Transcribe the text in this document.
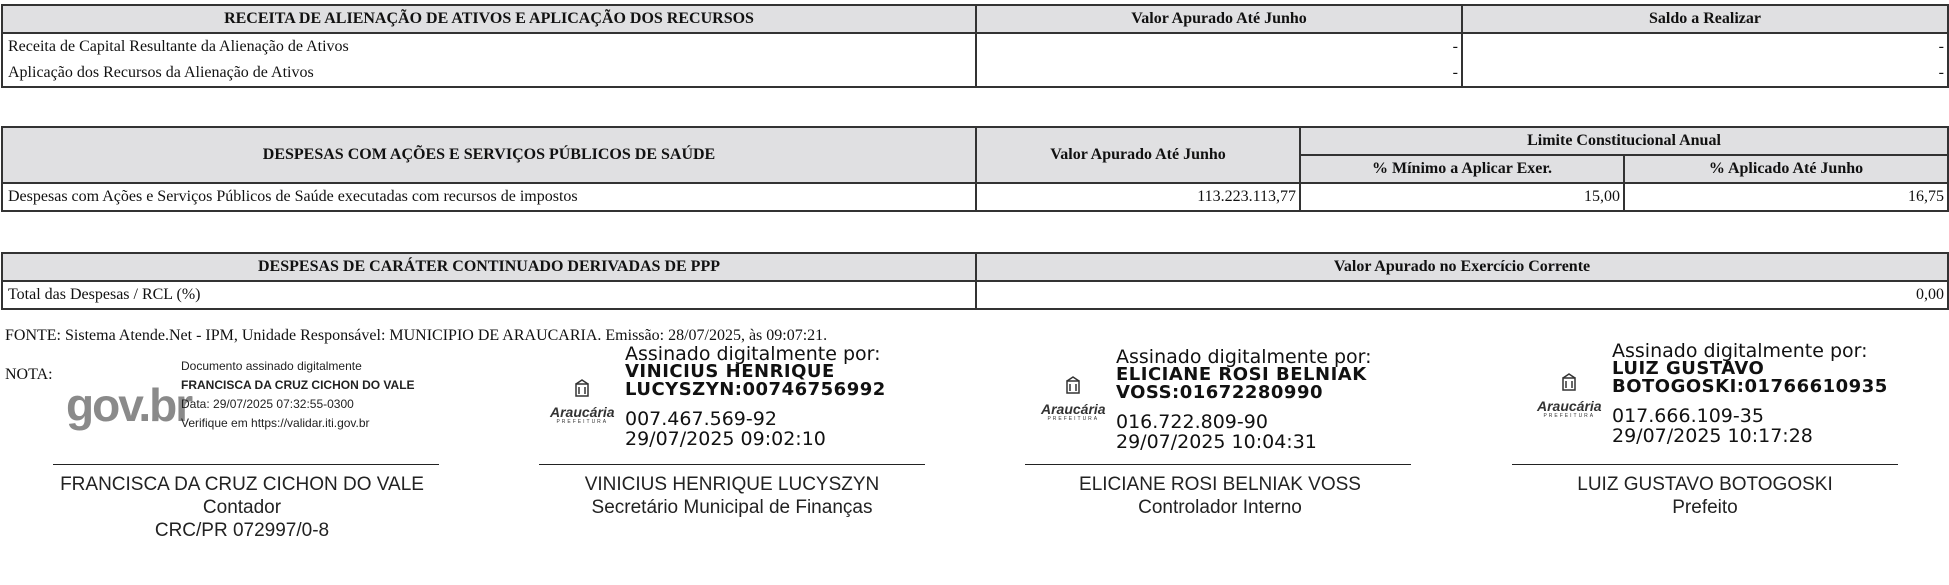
RECEITA DE ALIENAÇÃO DE ATIVOS E APLICAÇÃO DOS RECURSOS	Valor Apurado Até Junho	Saldo a Realizar
Receita de Capital Resultante da Alienação de Ativos	-	-
Aplicação dos Recursos da Alienação de Ativos	-	-
DESPESAS COM AÇÕES E SERVIÇOS PÚBLICOS DE SAÚDE	Valor Apurado Até Junho	Limite Constitucional Anual	
		% Mínimo a Aplicar Exer.	% Aplicado Até Junho
Despesas com Ações e Serviços Públicos de Saúde executadas com recursos de impostos	113.223.113,77	15,00	16,75
DESPESAS DE CARÁTER CONTINUADO DERIVADAS DE PPP	Valor Apurado no Exercício Corrente
Total das Despesas / RCL (%)	0,00
FONTE: Sistema Atende.Net - IPM, Unidade Responsável: MUNICIPIO DE ARAUCARIA. Emissão: 28/07/2025, às 09:07:21.
NOTA:
gov.br
Documento assinado digitalmente
FRANCISCA DA CRUZ CICHON DO VALE
Data: 29/07/2025 07:32:55-0300
Verifique em https://validar.iti.gov.br
Araucária
PREFEITURA
Araucária
PREFEITURA
Araucária
PREFEITURA
Assinado digitalmente por:
VINICIUS HENRIQUE
LUCYSZYN:00746756992
007.467.569-92
29/07/2025 09:02:10
Assinado digitalmente por:
ELICIANE ROSI BELNIAK
VOSS:01672280990
016.722.809-90
29/07/2025 10:04:31
Assinado digitalmente por:
LUIZ GUSTAVO
BOTOGOSKI:01766610935
017.666.109-35
29/07/2025 10:17:28
FRANCISCA DA CRUZ CICHON DO VALE
Contador
CRC/PR 072997/0-8
VINICIUS HENRIQUE LUCYSZYN
Secretário Municipal de Finanças
ELICIANE ROSI BELNIAK VOSS
Controlador Interno
LUIZ GUSTAVO BOTOGOSKI
Prefeito
